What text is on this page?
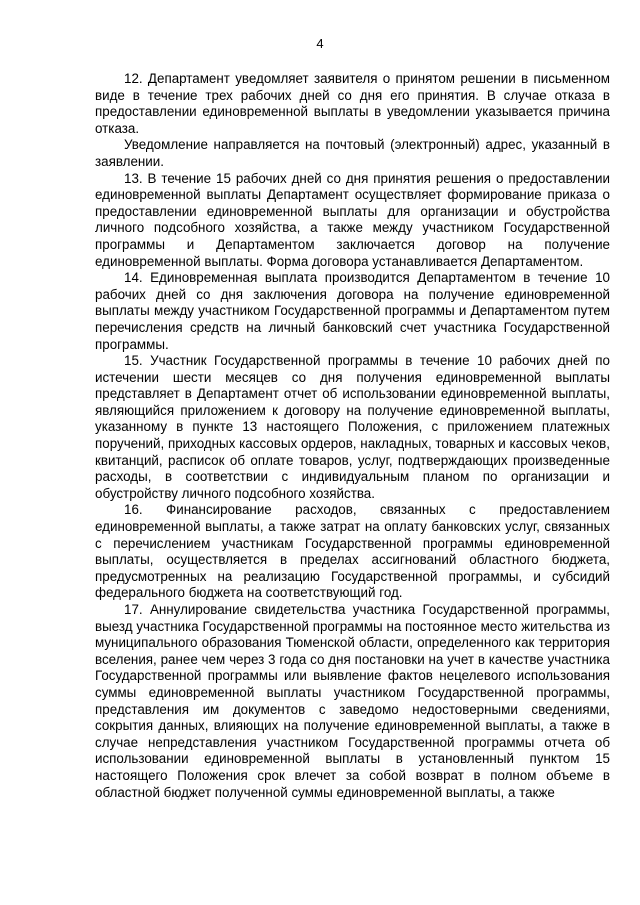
4

12. Департамент уведомляет заявителя о принятом решении в письменном виде в течение трех рабочих дней со дня его принятия. В случае отказа в предоставлении единовременной выплаты в уведомлении указывается причина отказа.

Уведомление направляется на почтовый (электронный) адрес, указанный в заявлении.

13. В течение 15 рабочих дней со дня принятия решения о предоставлении единовременной выплаты Департамент осуществляет формирование приказа о предоставлении единовременной выплаты для организации и обустройства личного подсобного хозяйства, а также между участником Государственной программы и Департаментом заключается договор на получение единовременной выплаты. Форма договора устанавливается Департаментом.

14. Единовременная выплата производится Департаментом в течение 10 рабочих дней со дня заключения договора на получение единовременной выплаты между участником Государственной программы и Департаментом путем перечисления средств на личный банковский счет участника Государственной программы.

15. Участник Государственной программы в течение 10 рабочих дней по истечении шести месяцев со дня получения единовременной выплаты представляет в Департамент отчет об использовании единовременной выплаты, являющийся приложением к договору на получение единовременной выплаты, указанному в пункте 13 настоящего Положения, с приложением платежных поручений, приходных кассовых ордеров, накладных, товарных и кассовых чеков, квитанций, расписок об оплате товаров, услуг, подтверждающих произведенные расходы, в соответствии с индивидуальным планом по организации и обустройству личного подсобного хозяйства.

16. Финансирование расходов, связанных с предоставлением единовременной выплаты, а также затрат на оплату банковских услуг, связанных с перечислением участникам Государственной программы единовременной выплаты, осуществляется в пределах ассигнований областного бюджета, предусмотренных на реализацию Государственной программы, и субсидий федерального бюджета на соответствующий год.

17. Аннулирование свидетельства участника Государственной программы, выезд участника Государственной программы на постоянное место жительства из муниципального образования Тюменской области, определенного как территория вселения, ранее чем через 3 года со дня постановки на учет в качестве участника Государственной программы или выявление фактов нецелевого использования суммы единовременной выплаты участником Государственной программы, представления им документов с заведомо недостоверными сведениями, сокрытия данных, влияющих на получение единовременной выплаты, а также в случае непредставления участником Государственной программы отчета об использовании единовременной выплаты в установленный пунктом 15 настоящего Положения срок влечет за собой возврат в полном объеме в областной бюджет полученной суммы единовременной выплаты, а также
